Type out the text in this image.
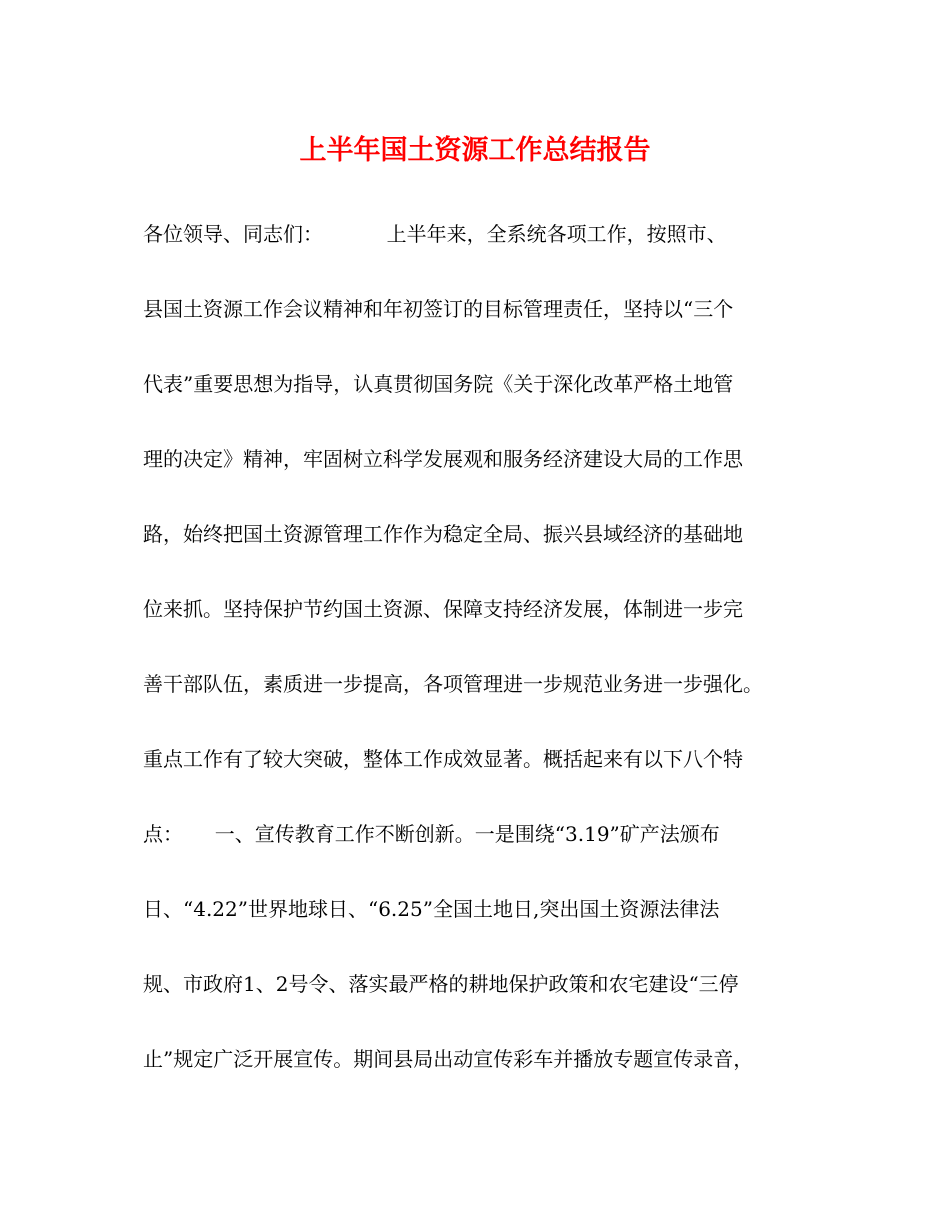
上半年国土资源工作总结报告
各位领导、同志们：          上半年来，全系统各项工作，按照市、
县国土资源工作会议精神和年初签订的目标管理责任，坚持以“三个
代表”重要思想为指导，认真贯彻国务院《关于深化改革严格土地管
理的决定》精神，牢固树立科学发展观和服务经济建设大局的工作思
路，始终把国土资源管理工作作为稳定全局、振兴县域经济的基础地
位来抓。坚持保护节约国土资源、保障支持经济发展，体制进一步完
善干部队伍，素质进一步提高，各项管理进一步规范业务进一步强化。
重点工作有了较大突破，整体工作成效显著。概括起来有以下八个特
点：     一、宣传教育工作不断创新。一是围绕“3.19”矿产法颁布
日、“4.22”世界地球日、“6.25”全国土地日,突出国土资源法律法
规、市政府1、2号令、落实最严格的耕地保护政策和农宅建设“三停
止”规定广泛开展宣传。期间县局出动宣传彩车并播放专题宣传录音，
